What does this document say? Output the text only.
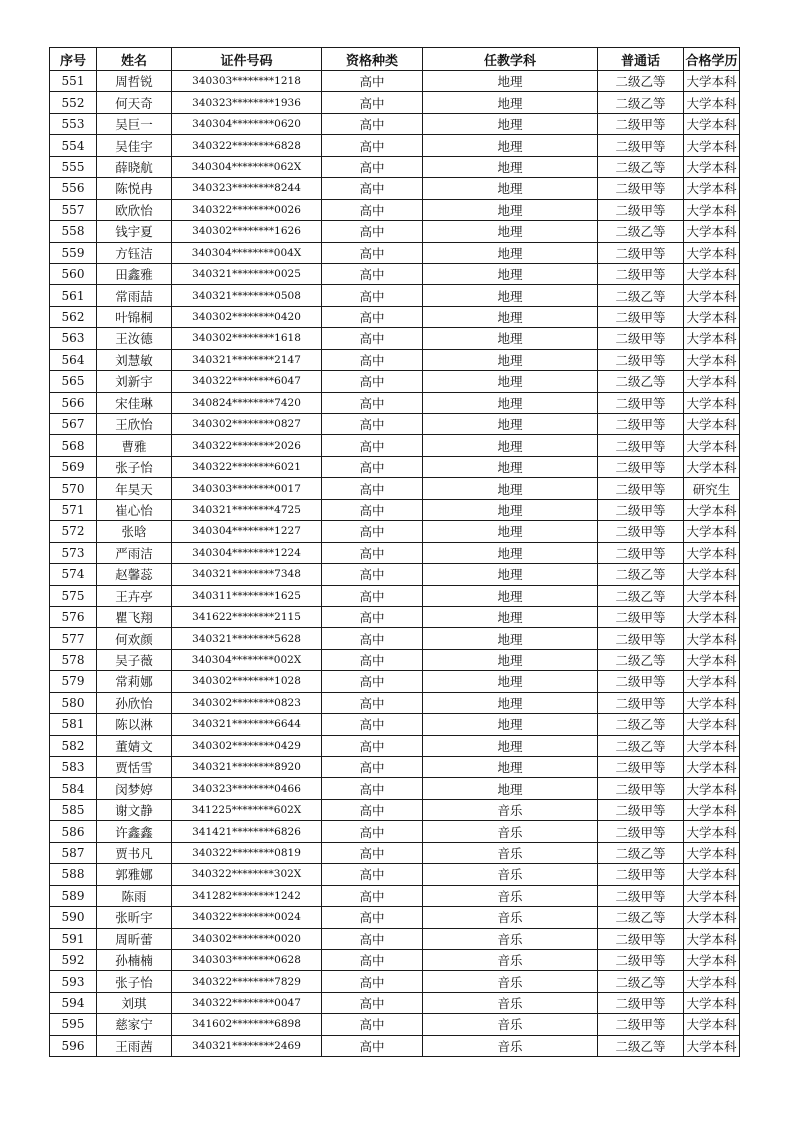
序号	姓名	证件号码	资格种类	任教学科	普通话	合格学历
551	周哲锐	340303********1218	高中	地理	二级乙等	大学本科
552	何天奇	340323********1936	高中	地理	二级乙等	大学本科
553	吴巨一	340304********0620	高中	地理	二级甲等	大学本科
554	吴佳宇	340322********6828	高中	地理	二级甲等	大学本科
555	薛晓航	340304********062X	高中	地理	二级乙等	大学本科
556	陈悦冉	340323********8244	高中	地理	二级甲等	大学本科
557	欧欣怡	340322********0026	高中	地理	二级甲等	大学本科
558	钱宇夏	340302********1626	高中	地理	二级乙等	大学本科
559	方钰洁	340304********004X	高中	地理	二级甲等	大学本科
560	田鑫雅	340321********0025	高中	地理	二级甲等	大学本科
561	常雨喆	340321********0508	高中	地理	二级乙等	大学本科
562	叶锦桐	340302********0420	高中	地理	二级甲等	大学本科
563	王汝德	340302********1618	高中	地理	二级甲等	大学本科
564	刘慧敏	340321********2147	高中	地理	二级甲等	大学本科
565	刘新宇	340322********6047	高中	地理	二级乙等	大学本科
566	宋佳琳	340824********7420	高中	地理	二级甲等	大学本科
567	王欣怡	340302********0827	高中	地理	二级甲等	大学本科
568	曹雅	340322********2026	高中	地理	二级甲等	大学本科
569	张子怡	340322********6021	高中	地理	二级甲等	大学本科
570	年昊天	340303********0017	高中	地理	二级甲等	研究生
571	崔心怡	340321********4725	高中	地理	二级甲等	大学本科
572	张晗	340304********1227	高中	地理	二级甲等	大学本科
573	严雨洁	340304********1224	高中	地理	二级甲等	大学本科
574	赵馨蕊	340321********7348	高中	地理	二级乙等	大学本科
575	王卉亭	340311********1625	高中	地理	二级乙等	大学本科
576	瞿飞翔	341622********2115	高中	地理	二级甲等	大学本科
577	何欢颜	340321********5628	高中	地理	二级甲等	大学本科
578	吴子薇	340304********002X	高中	地理	二级乙等	大学本科
579	常莉娜	340302********1028	高中	地理	二级甲等	大学本科
580	孙欣怡	340302********0823	高中	地理	二级甲等	大学本科
581	陈以淋	340321********6644	高中	地理	二级乙等	大学本科
582	董婧文	340302********0429	高中	地理	二级乙等	大学本科
583	贾恬雪	340321********8920	高中	地理	二级甲等	大学本科
584	闵梦婷	340323********0466	高中	地理	二级甲等	大学本科
585	谢文静	341225********602X	高中	音乐	二级甲等	大学本科
586	许鑫鑫	341421********6826	高中	音乐	二级甲等	大学本科
587	贾书凡	340322********0819	高中	音乐	二级乙等	大学本科
588	郭雅娜	340322********302X	高中	音乐	二级甲等	大学本科
589	陈雨	341282********1242	高中	音乐	二级甲等	大学本科
590	张昕宇	340322********0024	高中	音乐	二级乙等	大学本科
591	周昕蕾	340302********0020	高中	音乐	二级甲等	大学本科
592	孙楠楠	340303********0628	高中	音乐	二级甲等	大学本科
593	张子怡	340322********7829	高中	音乐	二级乙等	大学本科
594	刘琪	340322********0047	高中	音乐	二级甲等	大学本科
595	慈家宁	341602********6898	高中	音乐	二级甲等	大学本科
596	王雨茜	340321********2469	高中	音乐	二级乙等	大学本科
